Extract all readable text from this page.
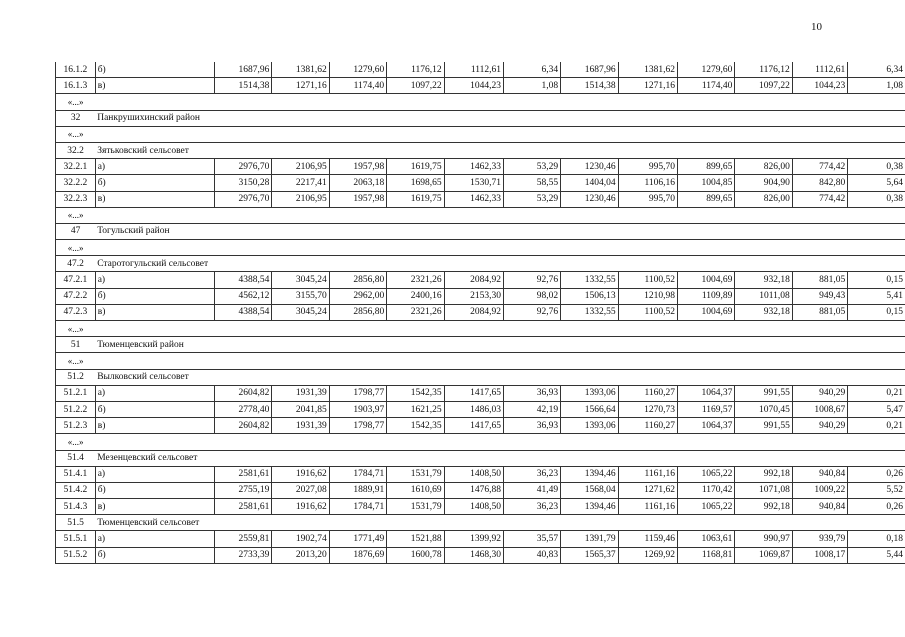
10
16.1.2	б)	1687,96	1381,62	1279,60	1176,12	1112,61	6,34	1687,96	1381,62	1279,60	1176,12	1112,61	6,34
16.1.3	в)	1514,38	1271,16	1174,40	1097,22	1044,23	1,08	1514,38	1271,16	1174,40	1097,22	1044,23	1,08
«...»													
32	Панкрушихинский район												
«...»													
32.2	Зятьковский сельсовет												
32.2.1	а)	2976,70	2106,95	1957,98	1619,75	1462,33	53,29	1230,46	995,70	899,65	826,00	774,42	0,38
32.2.2	б)	3150,28	2217,41	2063,18	1698,65	1530,71	58,55	1404,04	1106,16	1004,85	904,90	842,80	5,64
32.2.3	в)	2976,70	2106,95	1957,98	1619,75	1462,33	53,29	1230,46	995,70	899,65	826,00	774,42	0,38
«...»													
47	Тогульский район												
«...»													
47.2	Старотогульский сельсовет												
47.2.1	а)	4388,54	3045,24	2856,80	2321,26	2084,92	92,76	1332,55	1100,52	1004,69	932,18	881,05	0,15
47.2.2	б)	4562,12	3155,70	2962,00	2400,16	2153,30	98,02	1506,13	1210,98	1109,89	1011,08	949,43	5,41
47.2.3	в)	4388,54	3045,24	2856,80	2321,26	2084,92	92,76	1332,55	1100,52	1004,69	932,18	881,05	0,15
«...»													
51	Тюменцевский район												
«...»													
51.2	Вылковский сельсовет												
51.2.1	а)	2604,82	1931,39	1798,77	1542,35	1417,65	36,93	1393,06	1160,27	1064,37	991,55	940,29	0,21
51.2.2	б)	2778,40	2041,85	1903,97	1621,25	1486,03	42,19	1566,64	1270,73	1169,57	1070,45	1008,67	5,47
51.2.3	в)	2604,82	1931,39	1798,77	1542,35	1417,65	36,93	1393,06	1160,27	1064,37	991,55	940,29	0,21
«...»													
51.4	Мезенцевский сельсовет												
51.4.1	а)	2581,61	1916,62	1784,71	1531,79	1408,50	36,23	1394,46	1161,16	1065,22	992,18	940,84	0,26
51.4.2	б)	2755,19	2027,08	1889,91	1610,69	1476,88	41,49	1568,04	1271,62	1170,42	1071,08	1009,22	5,52
51.4.3	в)	2581,61	1916,62	1784,71	1531,79	1408,50	36,23	1394,46	1161,16	1065,22	992,18	940,84	0,26
51.5	Тюменцевский сельсовет												
51.5.1	а)	2559,81	1902,74	1771,49	1521,88	1399,92	35,57	1391,79	1159,46	1063,61	990,97	939,79	0,18
51.5.2	б)	2733,39	2013,20	1876,69	1600,78	1468,30	40,83	1565,37	1269,92	1168,81	1069,87	1008,17	5,44
